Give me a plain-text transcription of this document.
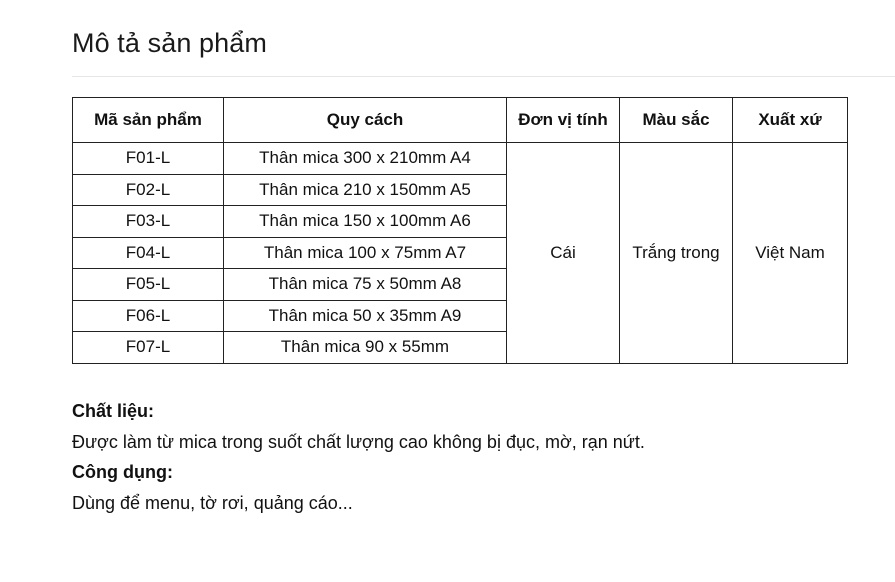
Mô tả sản phẩm
Mã sản phẩm	Quy cách	Đơn vị tính	Màu sắc	Xuất xứ
F01-L	Thân mica 300 x 210mm A4	Cái	Trắng trong	Việt Nam
F02-L	Thân mica 210 x 150mm A5			
F03-L	Thân mica 150 x 100mm A6			
F04-L	Thân mica 100 x 75mm A7			
F05-L	Thân mica 75 x 50mm A8			
F06-L	Thân mica 50 x 35mm A9			
F07-L	Thân mica 90 x 55mm			
Chất liệu:
Được làm từ mica trong suốt chất lượng cao không bị đục, mờ, rạn nứt.
Công dụng:
Dùng để menu, tờ rơi, quảng cáo...
